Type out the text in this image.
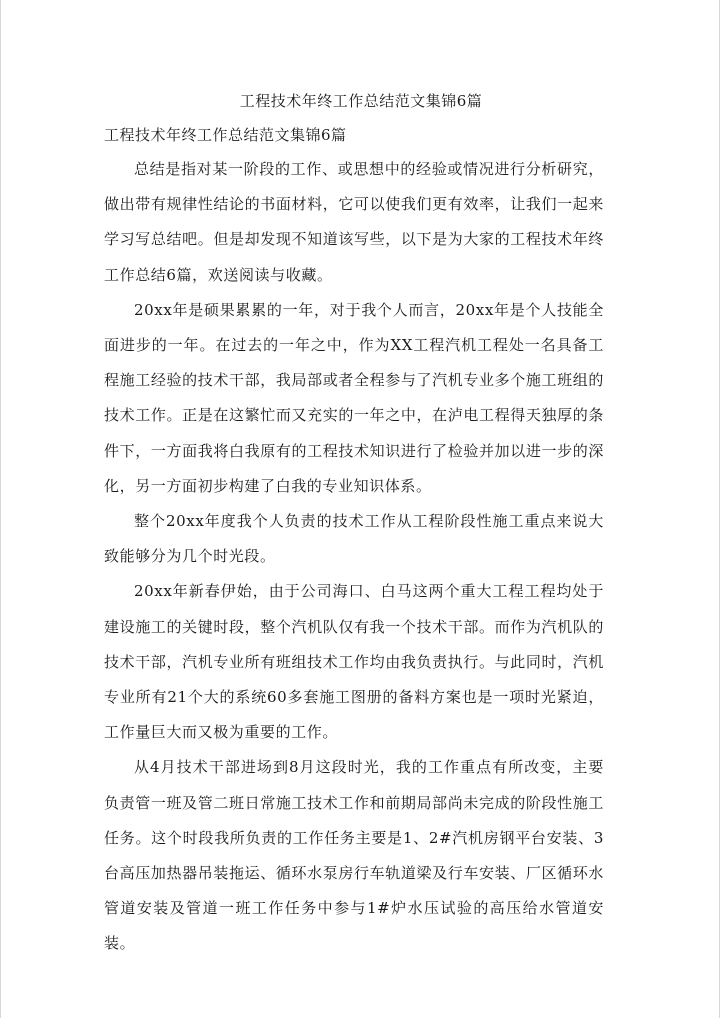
工程技术年终工作总结范文集锦6篇
工程技术年终工作总结范文集锦6篇

总结是指对某一阶段的工作、或思想中的经验或情况进行分析研究，做出带有规律性结论的书面材料，它可以使我们更有效率，让我们一起来学习写总结吧。但是却发现不知道该写些，以下是为大家的工程技术年终工作总结6篇，欢送阅读与收藏。

20xx年是硕果累累的一年，对于我个人而言，20xx年是个人技能全面进步的一年。在过去的一年之中，作为XX工程汽机工程处一名具备工程施工经验的技术干部，我局部或者全程参与了汽机专业多个施工班组的技术工作。正是在这繁忙而又充实的一年之中，在泸电工程得天独厚的条件下，一方面我将白我原有的工程技术知识进行了检验并加以进一步的深化，另一方面初步构建了白我的专业知识体系。

整个20xx年度我个人负责的技术工作从工程阶段性施工重点来说大致能够分为几个时光段。

20xx年新春伊始，由于公司海口、白马这两个重大工程工程均处于建设施工的关键时段，整个汽机队仅有我一个技术干部。而作为汽机队的技术干部，汽机专业所有班组技术工作均由我负责执行。与此同时，汽机专业所有21个大的系统60多套施工图册的备料方案也是一项时光紧迫，工作量巨大而又极为重要的工作。

从4月技术干部进场到8月这段时光，我的工作重点有所改变，主要负责管一班及管二班日常施工技术工作和前期局部尚未完成的阶段性施工任务。这个时段我所负责的工作任务主要是1、2#汽机房钢平台安装、3台高压加热器吊装拖运、循环水泵房行车轨道梁及行车安装、厂区循环水管道安装及管道一班工作任务中参与1#炉水压试验的高压给水管道安装。
